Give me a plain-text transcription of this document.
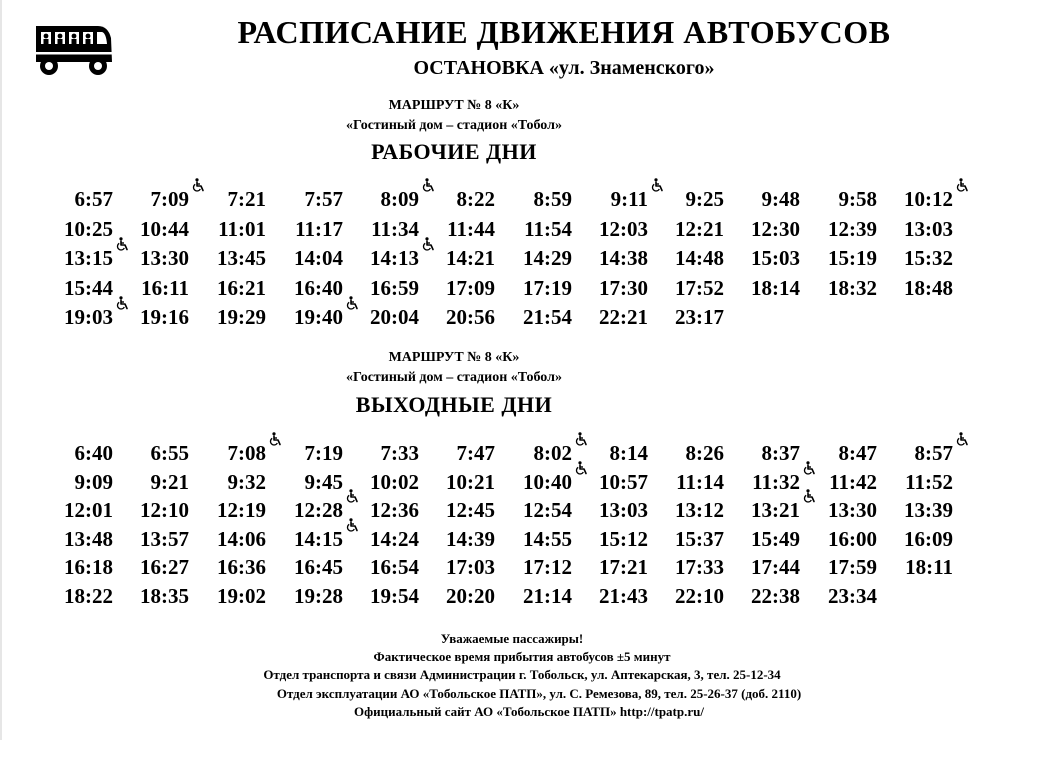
РАСПИСАНИЕ ДВИЖЕНИЯ АВТОБУСОВ
ОСТАНОВКА «ул. Знаменского»
МАРШРУТ № 8 «К»
«Гостиный дом – стадион «Тобол»
РАБОЧИЕ ДНИ
6:57	7:09	7:21	7:57	8:09	8:22	8:59	9:11	9:25	9:48	9:58	10:12
10:25	10:44	11:01	11:17	11:34	11:44	11:54	12:03	12:21	12:30	12:39	13:03
13:15	13:30	13:45	14:04	14:13	14:21	14:29	14:38	14:48	15:03	15:19	15:32
15:44	16:11	16:21	16:40	16:59	17:09	17:19	17:30	17:52	18:14	18:32	18:48
19:03	19:16	19:29	19:40	20:04	20:56	21:54	22:21	23:17
МАРШРУТ № 8 «К»
«Гостиный дом – стадион «Тобол»
ВЫХОДНЫЕ ДНИ
6:40	6:55	7:08	7:19	7:33	7:47	8:02	8:14	8:26	8:37	8:47	8:57
9:09	9:21	9:32	9:45	10:02	10:21	10:40	10:57	11:14	11:32	11:42	11:52
12:01	12:10	12:19	12:28	12:36	12:45	12:54	13:03	13:12	13:21	13:30	13:39
13:48	13:57	14:06	14:15	14:24	14:39	14:55	15:12	15:37	15:49	16:00	16:09
16:18	16:27	16:36	16:45	16:54	17:03	17:12	17:21	17:33	17:44	17:59	18:11
18:22	18:35	19:02	19:28	19:54	20:20	21:14	21:43	22:10	22:38	23:34
Уважаемые пассажиры!
Фактическое время прибытия автобусов ±5 минут
Отдел транспорта и связи Администрации г. Тобольск, ул. Аптекарская, 3, тел. 25-12-34
Отдел эксплуатации АО «Тобольское ПАТП», ул. С. Ремезова, 89, тел. 25-26-37 (доб. 2110)
Официальный сайт АО «Тобольское ПАТП» http://tpatp.ru/
